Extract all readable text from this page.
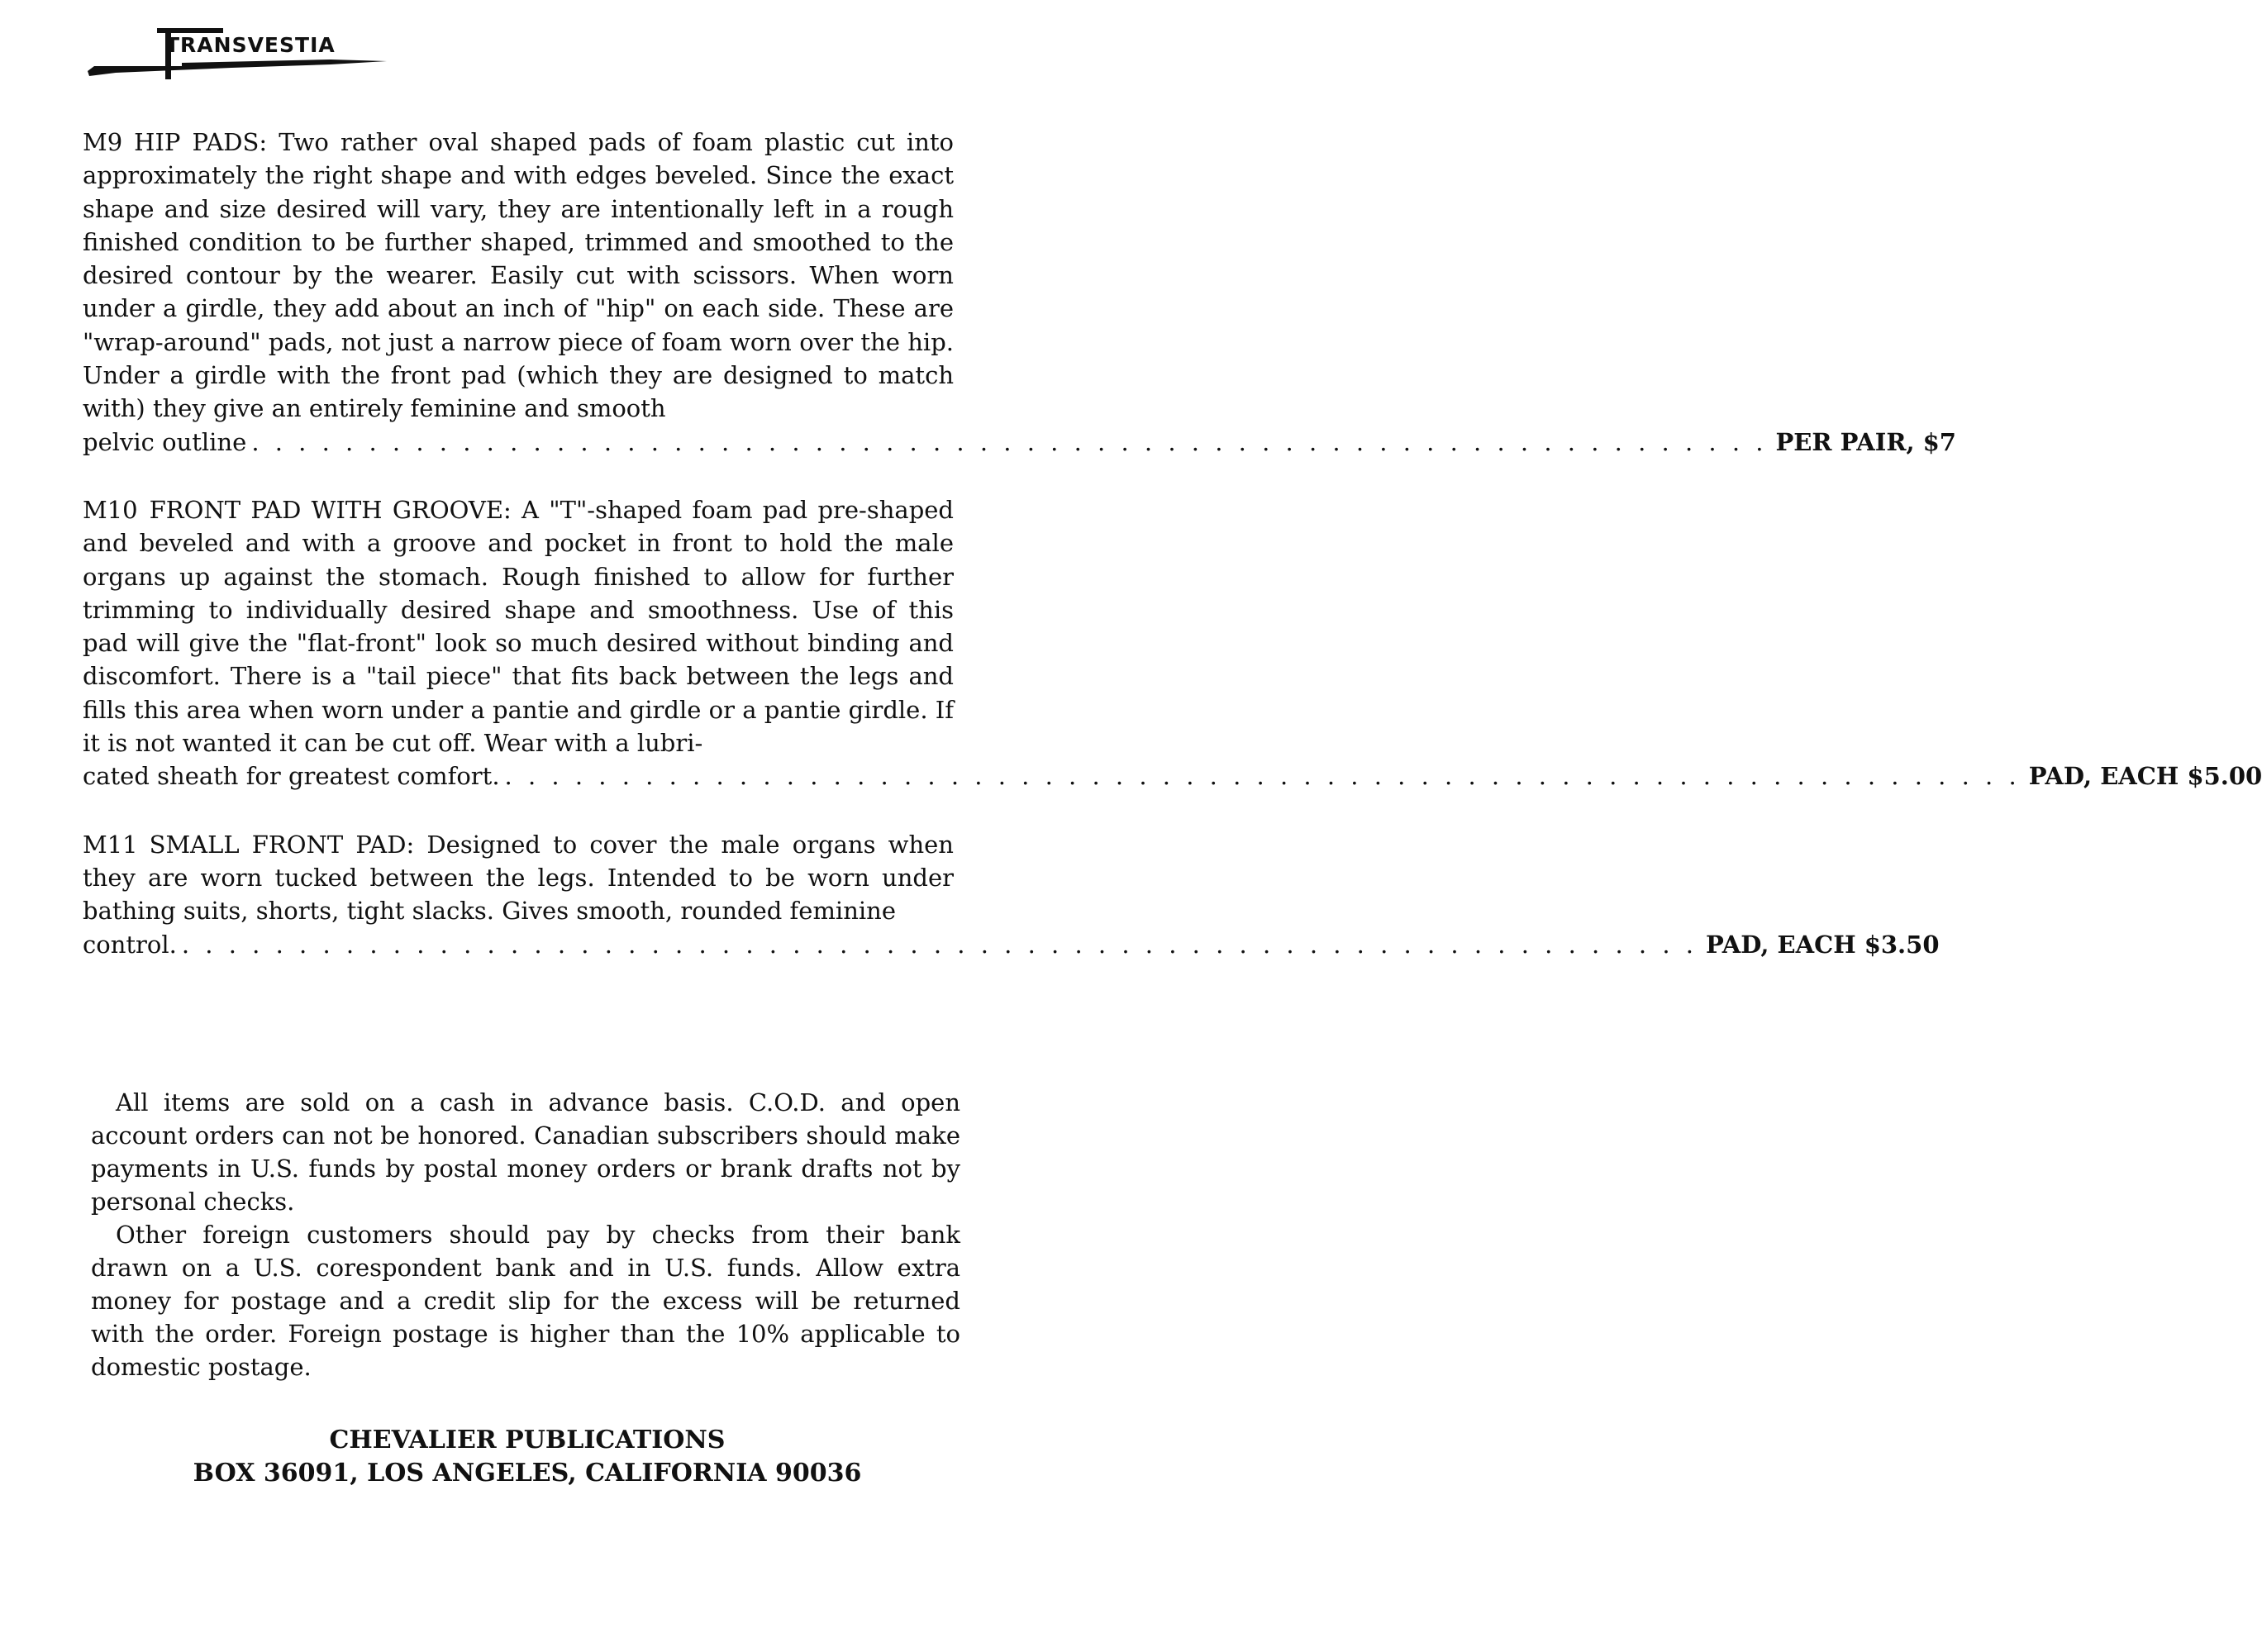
TRANSVESTIA

M9 HIP PADS: Two rather oval shaped pads of foam plastic cut into approximately the right shape and with edges beveled. Since the exact shape and size desired will vary, they are intentionally left in a rough finished condition to be further shaped, trimmed and smoothed to the desired contour by the wearer. Easily cut with scissors. When worn under a girdle, they add about an inch of "hip" on each side. These are "wrap-around" pads, not just a narrow piece of foam worn over the hip. Under a girdle with the front pad (which they are designed to match with) they give an entirely feminine and smooth

pelvic outline . . . . . . . . . . . . . . . . . . . . . . . . . . . . . . . . . . . . . . . . . . . . . . . . . . . . . . . . . . . . . . . . . PER PAIR, $7

M10 FRONT PAD WITH GROOVE: A "T"-shaped foam pad pre-shaped and beveled and with a groove and pocket in front to hold the male organs up against the stomach. Rough finished to allow for further trimming to individually desired shape and smoothness. Use of this pad will give the "flat-front" look so much desired without binding and discomfort. There is a "tail piece" that fits back between the legs and fills this area when worn under a pantie and girdle or a pantie girdle. If it is not wanted it can be cut off. Wear with a lubri-

cated sheath for greatest comfort. . . . . . . . . . . . . . . . . . . . . . . . . . . . . . . . . . . . . . . . . . . . . . . . . . . . . . . . . . . . . . . . . . PAD, EACH $5.00

M11 SMALL FRONT PAD: Designed to cover the male organs when they are worn tucked between the legs. Intended to be worn under bathing suits, shorts, tight slacks. Gives smooth, rounded feminine

control. . . . . . . . . . . . . . . . . . . . . . . . . . . . . . . . . . . . . . . . . . . . . . . . . . . . . . . . . . . . . . . . . . PAD, EACH $3.50

All items are sold on a cash in advance basis. C.O.D. and open account orders can not be honored. Canadian subscribers should make payments in U.S. funds by postal money orders or brank drafts not by personal checks.

Other foreign customers should pay by checks from their bank drawn on a U.S. corespondent bank and in U.S. funds. Allow extra money for postage and a credit slip for the excess will be returned with the order. Foreign postage is higher than the 10% applicable to domestic postage.

CHEVALIER PUBLICATIONS
BOX 36091, LOS ANGELES, CALIFORNIA 90036
